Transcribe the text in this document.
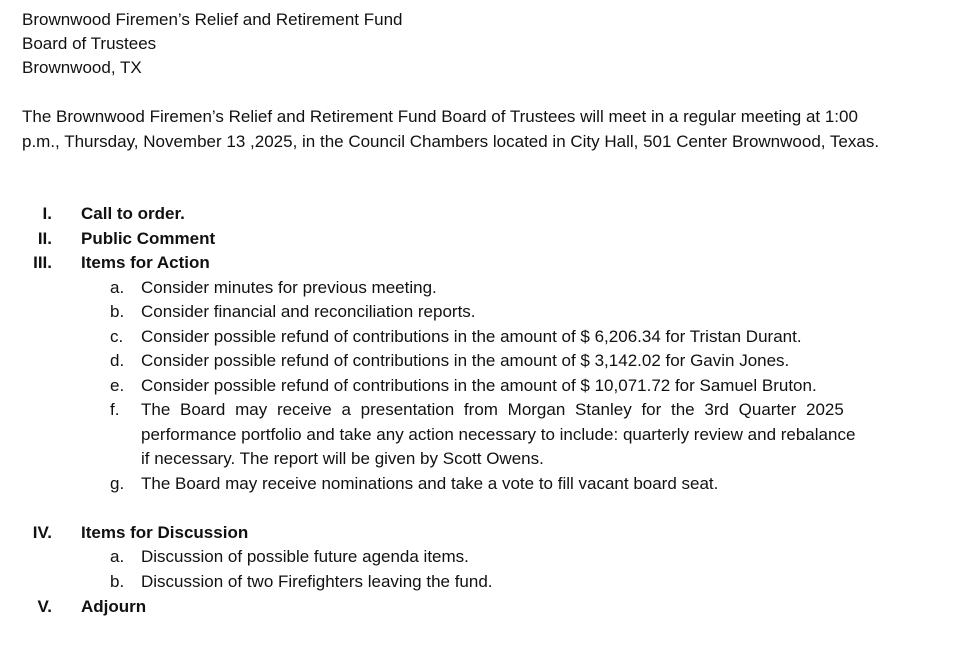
Brownwood Firemen’s Relief and Retirement Fund
Board of Trustees
Brownwood, TX
The Brownwood Firemen’s Relief and Retirement Fund Board of Trustees will meet in a regular meeting at 1:00
p.m., Thursday, November 13 ,2025, in the Council Chambers located in City Hall, 501 Center Brownwood, Texas.
I. Call to order.
II. Public Comment
III. Items for Action
a. Consider minutes for previous meeting.
b. Consider financial and reconciliation reports.
c.	Consider possible refund of contributions in the amount of $ 6,206.34 for Tristan Durant.
d. Consider possible refund of contributions in the amount of $ 3,142.02 for Gavin Jones.
e. Consider possible refund of contributions in the amount of $ 10,071.72 for Samuel Bruton.
f.	The Board may receive a presentation from Morgan Stanley for the 3rd Quarter 2025
performance portfolio and take any action necessary to include: quarterly review and rebalance
if necessary. The report will be given by Scott Owens.
g. The Board may receive nominations and take a vote to fill vacant board seat.
IV. Items for Discussion
a. Discussion of possible future agenda items.
b. Discussion of two Firefighters leaving the fund.
V. Adjourn
